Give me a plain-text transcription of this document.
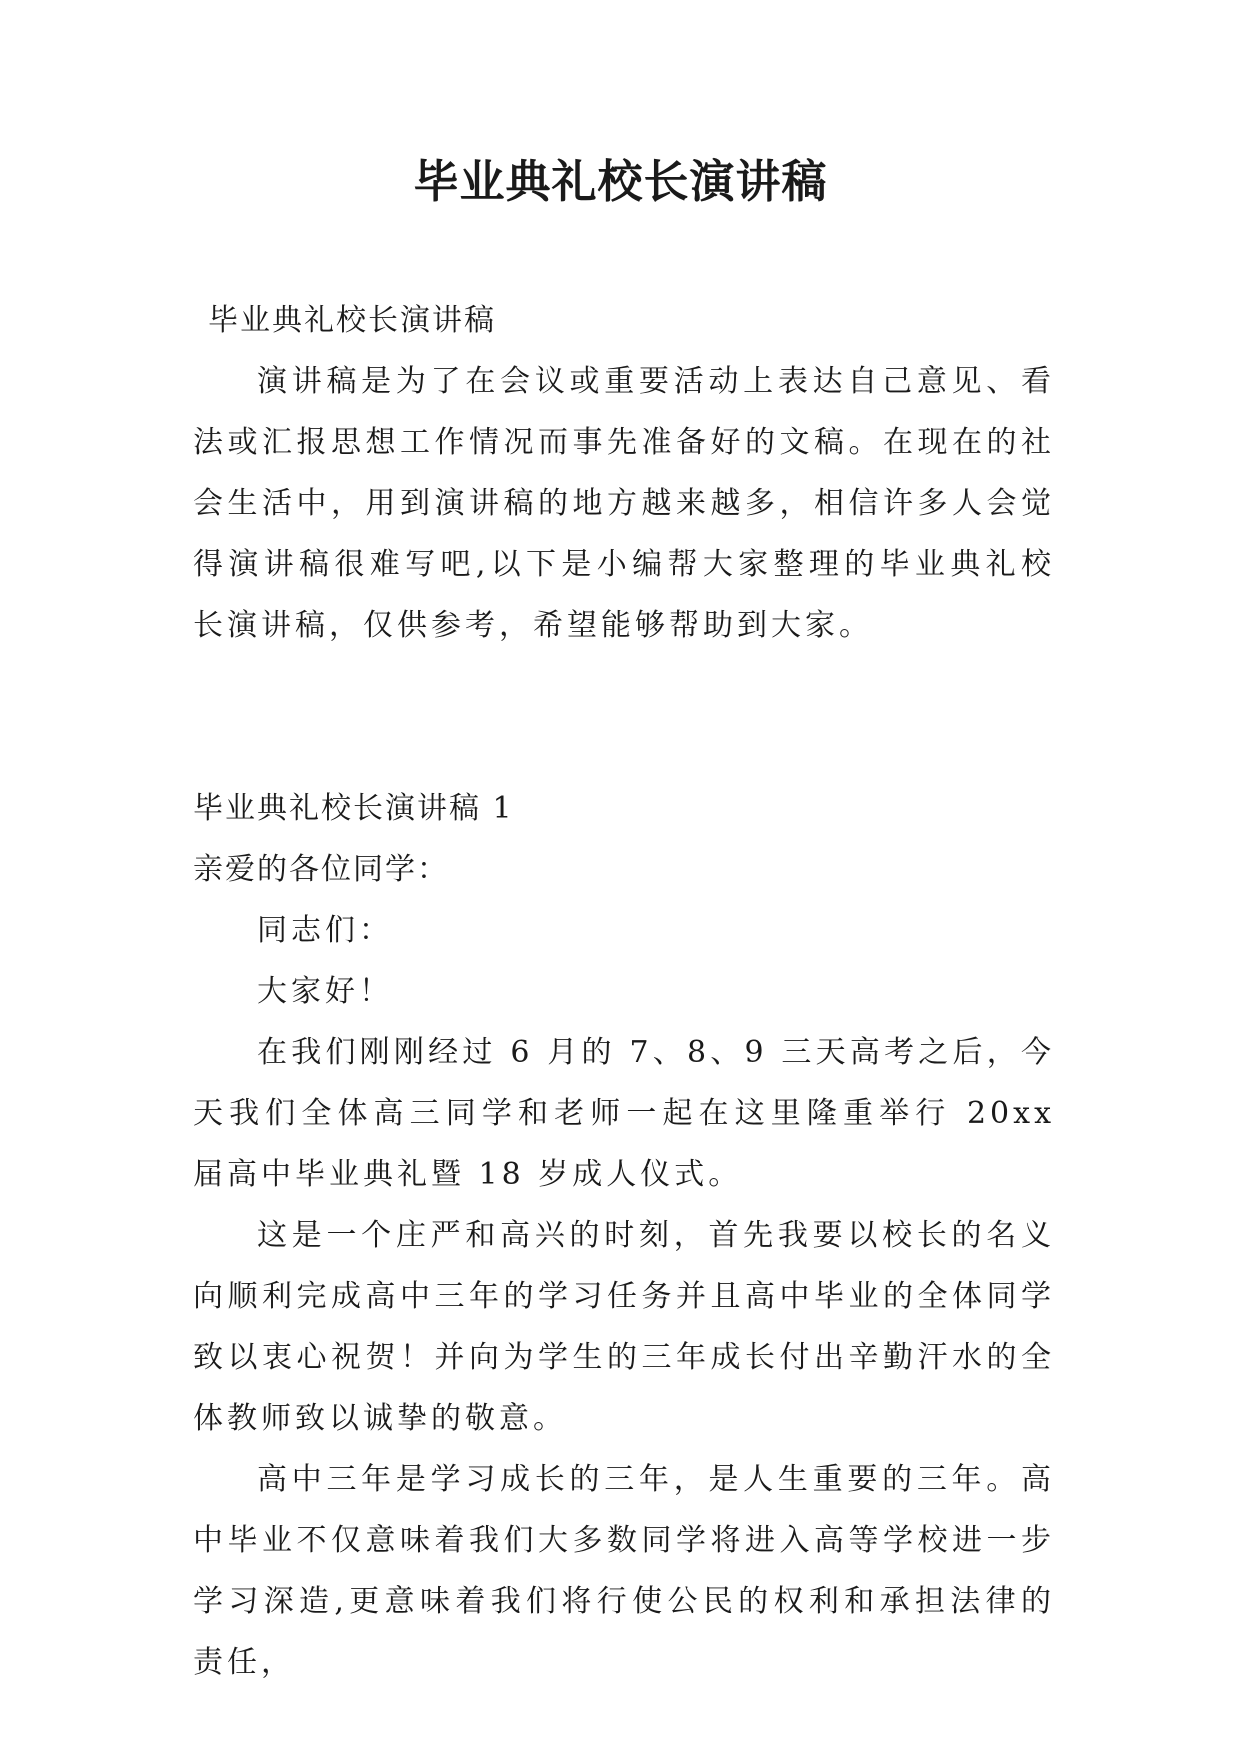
毕业典礼校长演讲稿

毕业典礼校长演讲稿

演讲稿是为了在会议或重要活动上表达自己意见、看法或汇报思想工作情况而事先准备好的文稿。在现在的社会生活中，用到演讲稿的地方越来越多，相信许多人会觉得演讲稿很难写吧,以下是小编帮大家整理的毕业典礼校长演讲稿，仅供参考，希望能够帮助到大家。

毕业典礼校长演讲稿 1

亲爱的各位同学：

同志们：

大家好！

在我们刚刚经过 6 月的 7、8、9 三天高考之后，今天我们全体高三同学和老师一起在这里隆重举行 20xx 届高中毕业典礼暨 18 岁成人仪式。

这是一个庄严和高兴的时刻，首先我要以校长的名义向顺利完成高中三年的学习任务并且高中毕业的全体同学致以衷心祝贺！并向为学生的三年成长付出辛勤汗水的全体教师致以诚挚的敬意。

高中三年是学习成长的三年，是人生重要的三年。高中毕业不仅意味着我们大多数同学将进入高等学校进一步学习深造,更意味着我们将行使公民的权利和承担法律的责任，
